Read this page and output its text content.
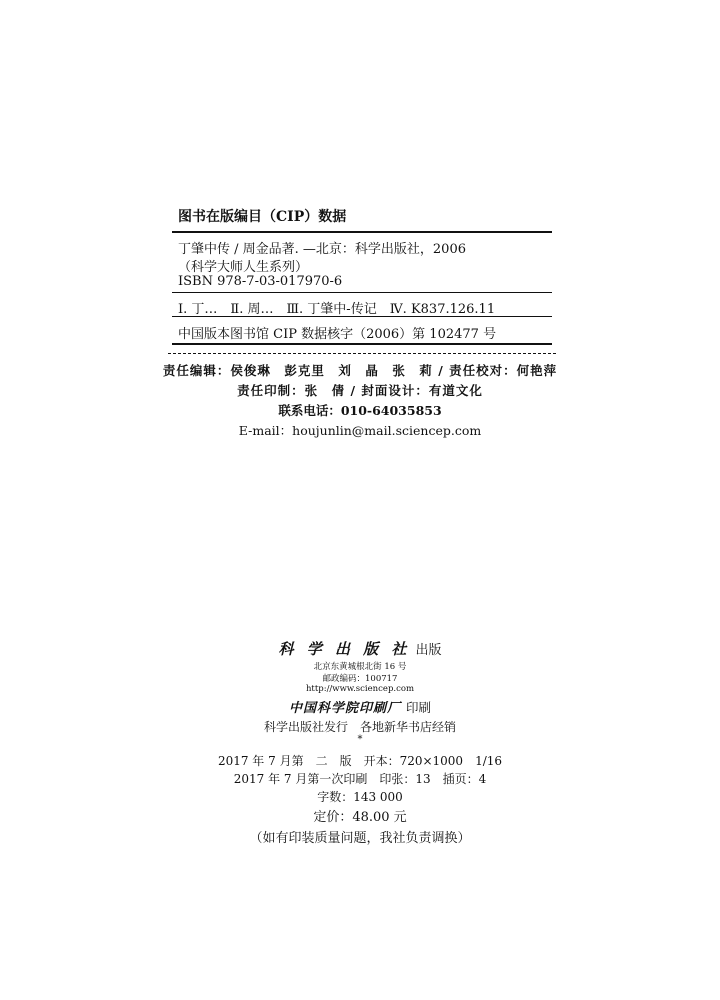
图书在版编目（CIP）数据
丁肇中传 / 周金品著. —北京：科学出版社，2006
（科学大师人生系列）
ISBN 978-7-03-017970-6
Ⅰ. 丁…　Ⅱ. 周…　Ⅲ. 丁肇中-传记　Ⅳ. K837.126.11
中国版本图书馆 CIP 数据核字（2006）第 102477 号
责任编辑：侯俊琳　彭克里　刘　晶　张　莉 / 责任校对：何艳萍
责任印制：张　倩 / 封面设计：有道文化
联系电话：010-64035853
E-mail：houjunlin@mail.sciencep.com
科 学 出 版 社 出版
北京东黄城根北街 16 号
邮政编码：100717
http://www.sciencep.com
中国科学院印刷厂 印刷
科学出版社发行　各地新华书店经销
*
2017 年 7 月第　二　版　开本：720×1000　1/16
2017 年 7 月第一次印刷　印张：13　插页：4
字数：143 000
定价：48.00 元
（如有印装质量问题，我社负责调换）
